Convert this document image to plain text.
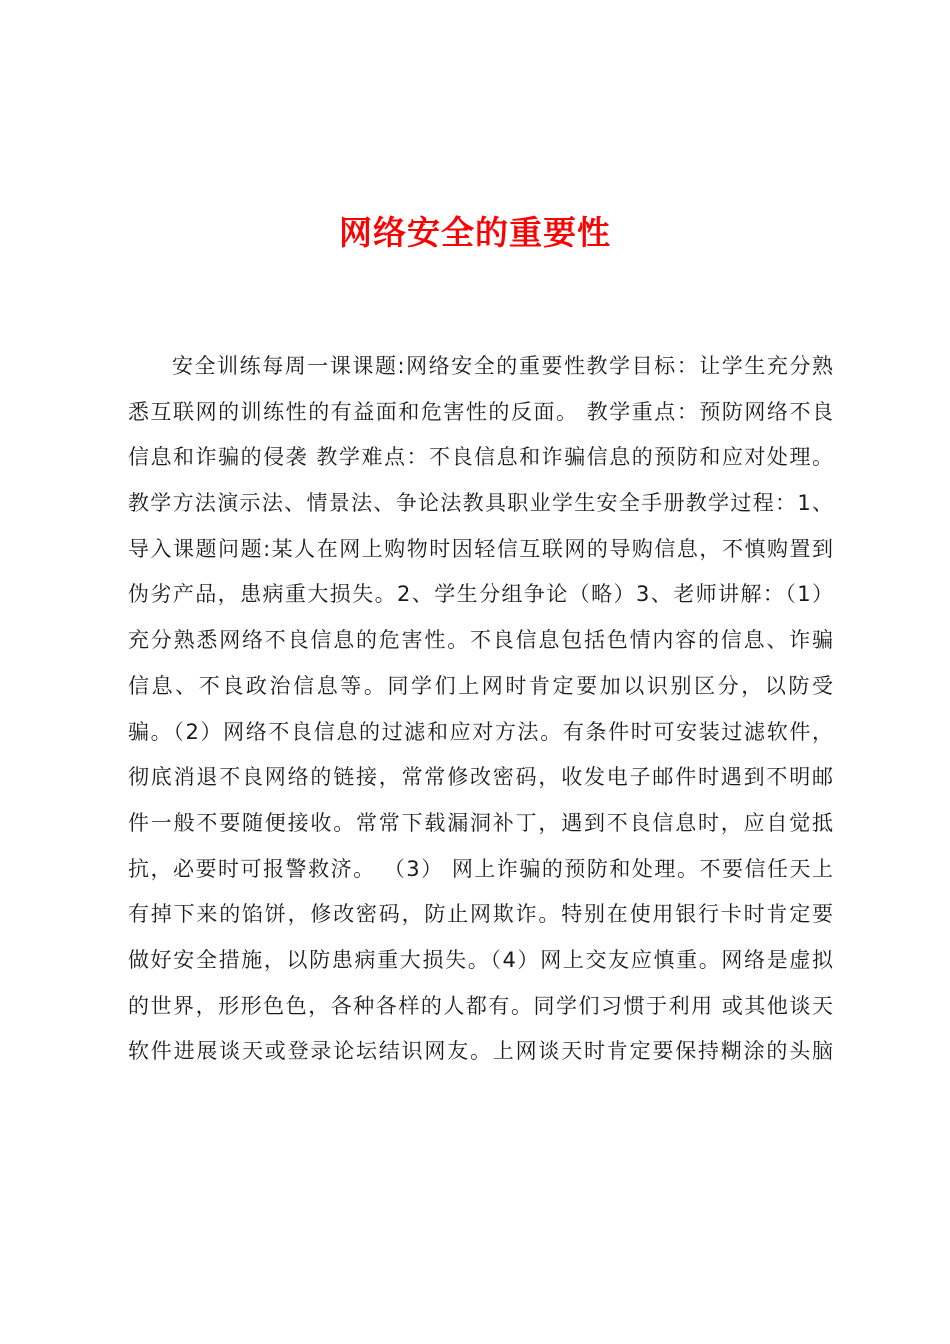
网络安全的重要性
安全训练每周一课课题:网络安全的重要性教学目标：让学生充分熟
悉互联网的训练性的有益面和危害性的反面。 教学重点：预防网络不良
信息和诈骗的侵袭 教学难点：不良信息和诈骗信息的预防和应对处理。
教学方法演示法、情景法、争论法教具职业学生安全手册教学过程：1、
导入课题问题:某人在网上购物时因轻信互联网的导购信息，不慎购置到
伪劣产品，患病重大损失。2、学生分组争论（略）3、老师讲解：（1）
充分熟悉网络不良信息的危害性。不良信息包括色情内容的信息、诈骗
信息、不良政治信息等。同学们上网时肯定要加以识别区分，以防受
骗。（2）网络不良信息的过滤和应对方法。有条件时可安装过滤软件，
彻底消退不良网络的链接，常常修改密码，收发电子邮件时遇到不明邮
件一般不要随便接收。常常下载漏洞补丁，遇到不良信息时，应自觉抵
抗，必要时可报警救济。 （3） 网上诈骗的预防和处理。不要信任天上
有掉下来的馅饼，修改密码，防止网欺诈。特别在使用银行卡时肯定要
做好安全措施，以防患病重大损失。（4）网上交友应慎重。网络是虚拟
的世界，形形色色，各种各样的人都有。同学们习惯于利用 或其他谈天
软件进展谈天或登录论坛结识网友。上网谈天时肯定要保持糊涂的头脑
